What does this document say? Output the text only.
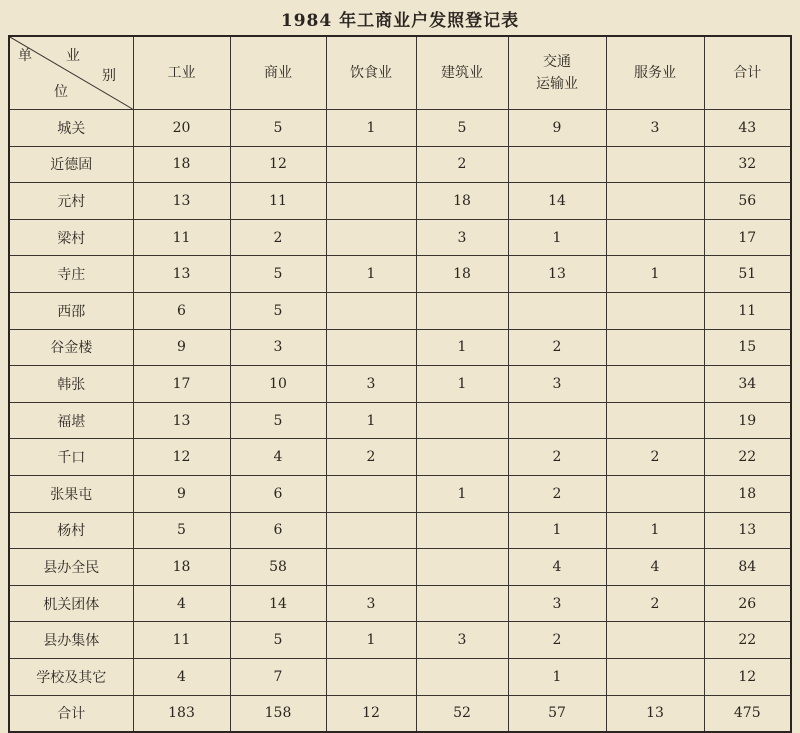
1984 年工商业户发照登记表
单 业
别
位	工业	商业	饮食业	建筑业	交通
运输业	服务业	合计

城关	20	5	1	5	9	3	43
近德固	18	12		2			32
元村	13	11		18	14		56
梁村	11	2		3	1		17
寺庄	13	5	1	18	13	1	51
西邵	6	5					11
谷金楼	9	3		1	2		15
韩张	17	10	3	1	3		34
福堪	13	5	1				19
千口	12	4	2		2	2	22
张果屯	9	6		1	2		18
杨村	5	6			1	1	13
县办全民	18	58			4	4	84
机关团体	4	14	3		3	2	26
县办集体	11	5	1	3	2		22
学校及其它	4	7			1		12
合计	183	158	12	52	57	13	475
